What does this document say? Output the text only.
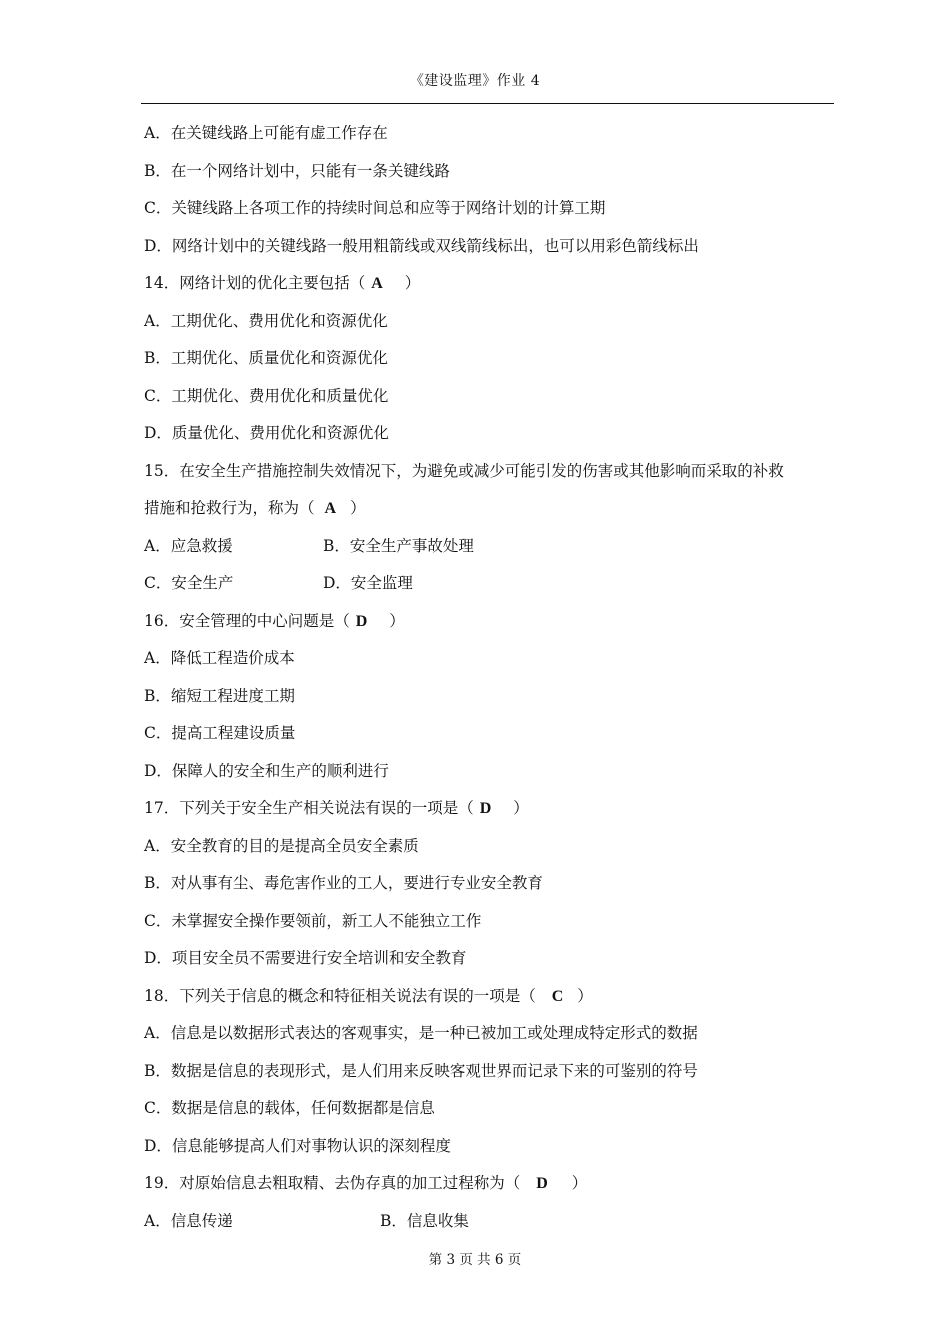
《建设监理》作业 4
A．在关键线路上可能有虚工作存在
B．在一个网络计划中，只能有一条关键线路
C．关键线路上各项工作的持续时间总和应等于网络计划的计算工期
D．网络计划中的关键线路一般用粗箭线或双线箭线标出，也可以用彩色箭线标出
14．网络计划的优化主要包括（ A ）
A．工期优化、费用优化和资源优化
B．工期优化、质量优化和资源优化
C．工期优化、费用优化和质量优化
D．质量优化、费用优化和资源优化
15．在安全生产措施控制失效情况下，为避免或减少可能引发的伤害或其他影响而采取的补救
措施和抢救行为，称为（ A ）
A．应急救援	B．安全生产事故处理
C．安全生产	D．安全监理
16．安全管理的中心问题是（ D ）
A．降低工程造价成本
B．缩短工程进度工期
C．提高工程建设质量
D．保障人的安全和生产的顺利进行
17．下列关于安全生产相关说法有误的一项是（ D ）
A．安全教育的目的是提高全员安全素质
B．对从事有尘、毒危害作业的工人，要进行专业安全教育
C．未掌握安全操作要领前，新工人不能独立工作
D．项目安全员不需要进行安全培训和安全教育
18．下列关于信息的概念和特征相关说法有误的一项是（ C ）
A．信息是以数据形式表达的客观事实，是一种已被加工或处理成特定形式的数据
B．数据是信息的表现形式，是人们用来反映客观世界而记录下来的可鉴别的符号
C．数据是信息的载体，任何数据都是信息
D．信息能够提高人们对事物认识的深刻程度
19．对原始信息去粗取精、去伪存真的加工过程称为（ D ）
A．信息传递	B．信息收集
第 3 页 共 6 页
